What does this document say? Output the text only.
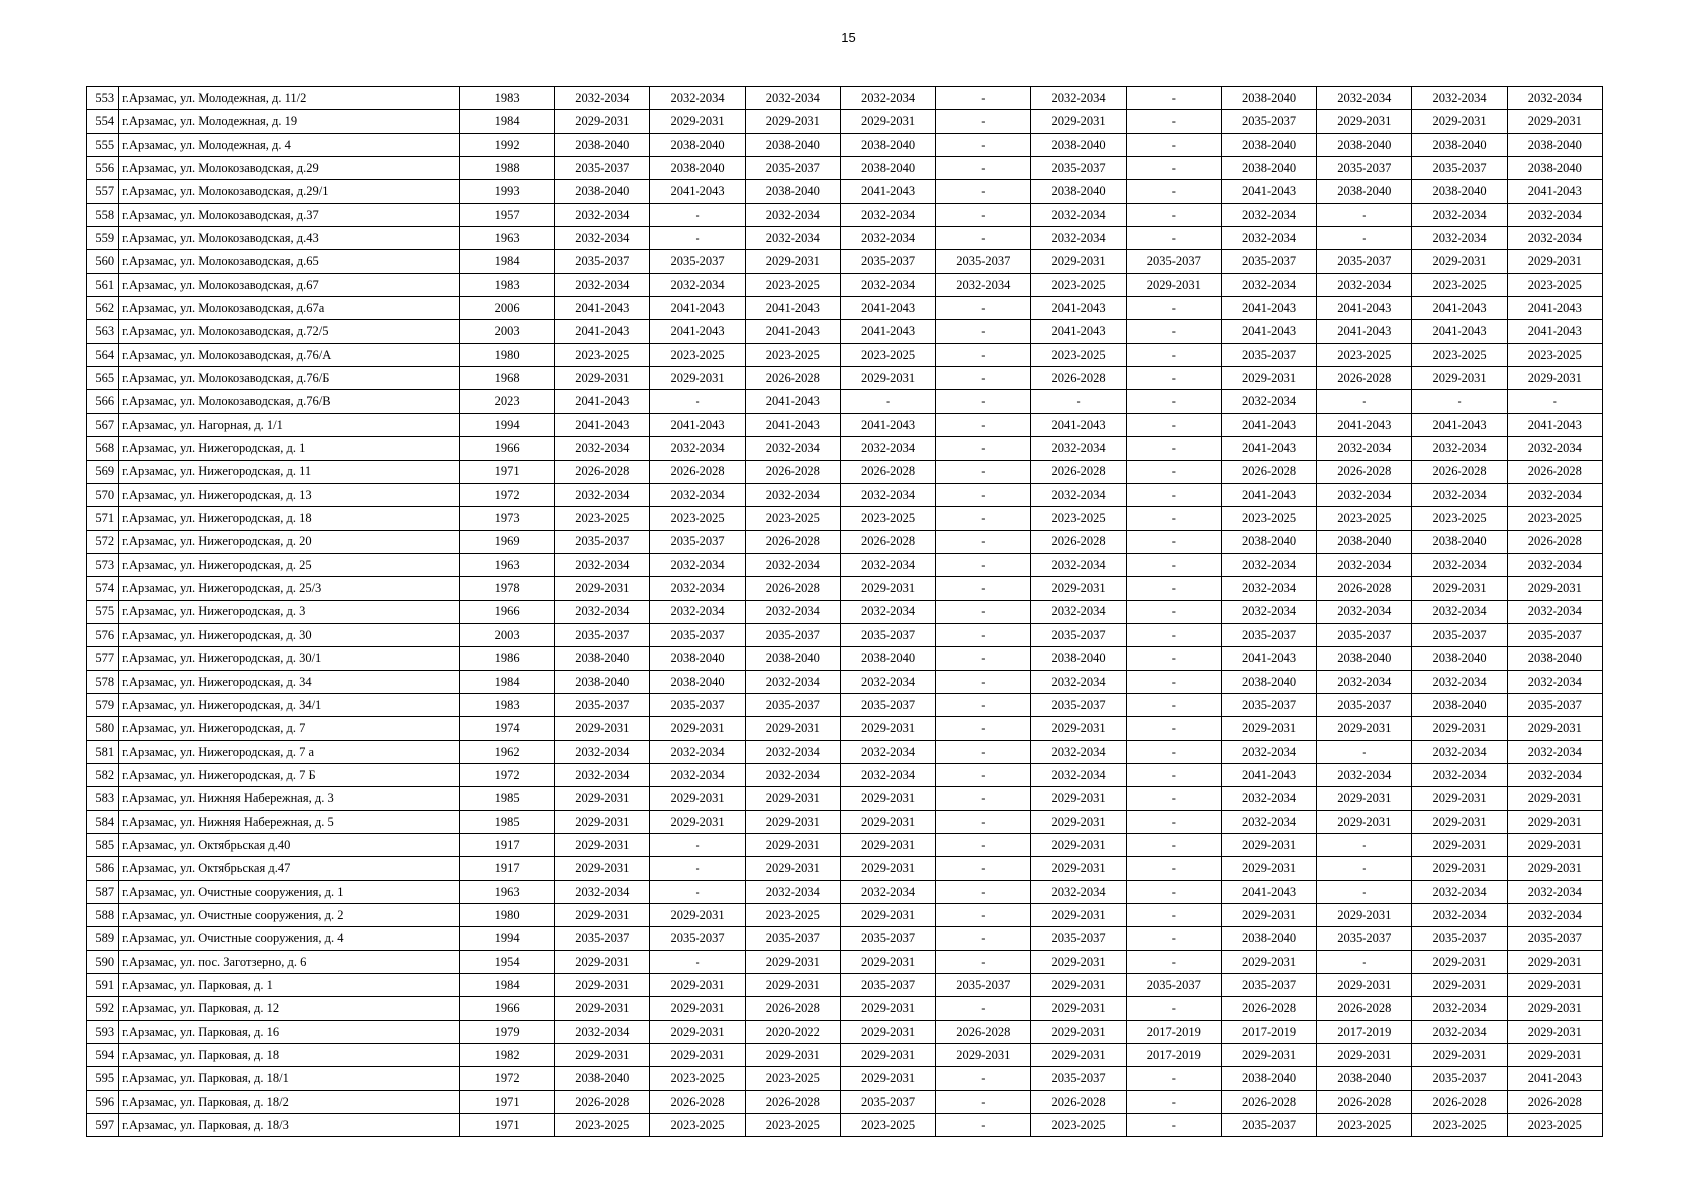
15
553	г.Арзамас, ул. Молодежная, д. 11/2	1983	2032-2034	2032-2034	2032-2034	2032-2034	-	2032-2034	-	2038-2040	2032-2034	2032-2034	2032-2034
554	г.Арзамас, ул. Молодежная, д. 19	1984	2029-2031	2029-2031	2029-2031	2029-2031	-	2029-2031	-	2035-2037	2029-2031	2029-2031	2029-2031
555	г.Арзамас, ул. Молодежная, д. 4	1992	2038-2040	2038-2040	2038-2040	2038-2040	-	2038-2040	-	2038-2040	2038-2040	2038-2040	2038-2040
556	г.Арзамас, ул. Молокозаводская, д.29	1988	2035-2037	2038-2040	2035-2037	2038-2040	-	2035-2037	-	2038-2040	2035-2037	2035-2037	2038-2040
557	г.Арзамас, ул. Молокозаводская, д.29/1	1993	2038-2040	2041-2043	2038-2040	2041-2043	-	2038-2040	-	2041-2043	2038-2040	2038-2040	2041-2043
558	г.Арзамас, ул. Молокозаводская, д.37	1957	2032-2034	-	2032-2034	2032-2034	-	2032-2034	-	2032-2034	-	2032-2034	2032-2034
559	г.Арзамас, ул. Молокозаводская, д.43	1963	2032-2034	-	2032-2034	2032-2034	-	2032-2034	-	2032-2034	-	2032-2034	2032-2034
560	г.Арзамас, ул. Молокозаводская, д.65	1984	2035-2037	2035-2037	2029-2031	2035-2037	2035-2037	2029-2031	2035-2037	2035-2037	2035-2037	2029-2031	2029-2031
561	г.Арзамас, ул. Молокозаводская, д.67	1983	2032-2034	2032-2034	2023-2025	2032-2034	2032-2034	2023-2025	2029-2031	2032-2034	2032-2034	2023-2025	2023-2025
562	г.Арзамас, ул. Молокозаводская, д.67а	2006	2041-2043	2041-2043	2041-2043	2041-2043	-	2041-2043	-	2041-2043	2041-2043	2041-2043	2041-2043
563	г.Арзамас, ул. Молокозаводская, д.72/5	2003	2041-2043	2041-2043	2041-2043	2041-2043	-	2041-2043	-	2041-2043	2041-2043	2041-2043	2041-2043
564	г.Арзамас, ул. Молокозаводская, д.76/А	1980	2023-2025	2023-2025	2023-2025	2023-2025	-	2023-2025	-	2035-2037	2023-2025	2023-2025	2023-2025
565	г.Арзамас, ул. Молокозаводская, д.76/Б	1968	2029-2031	2029-2031	2026-2028	2029-2031	-	2026-2028	-	2029-2031	2026-2028	2029-2031	2029-2031
566	г.Арзамас, ул. Молокозаводская, д.76/В	2023	2041-2043	-	2041-2043	-	-	-	-	2032-2034	-	-	-
567	г.Арзамас, ул. Нагорная, д. 1/1	1994	2041-2043	2041-2043	2041-2043	2041-2043	-	2041-2043	-	2041-2043	2041-2043	2041-2043	2041-2043
568	г.Арзамас, ул. Нижегородская, д. 1	1966	2032-2034	2032-2034	2032-2034	2032-2034	-	2032-2034	-	2041-2043	2032-2034	2032-2034	2032-2034
569	г.Арзамас, ул. Нижегородская, д. 11	1971	2026-2028	2026-2028	2026-2028	2026-2028	-	2026-2028	-	2026-2028	2026-2028	2026-2028	2026-2028
570	г.Арзамас, ул. Нижегородская, д. 13	1972	2032-2034	2032-2034	2032-2034	2032-2034	-	2032-2034	-	2041-2043	2032-2034	2032-2034	2032-2034
571	г.Арзамас, ул. Нижегородская, д. 18	1973	2023-2025	2023-2025	2023-2025	2023-2025	-	2023-2025	-	2023-2025	2023-2025	2023-2025	2023-2025
572	г.Арзамас, ул. Нижегородская, д. 20	1969	2035-2037	2035-2037	2026-2028	2026-2028	-	2026-2028	-	2038-2040	2038-2040	2038-2040	2026-2028
573	г.Арзамас, ул. Нижегородская, д. 25	1963	2032-2034	2032-2034	2032-2034	2032-2034	-	2032-2034	-	2032-2034	2032-2034	2032-2034	2032-2034
574	г.Арзамас, ул. Нижегородская, д. 25/3	1978	2029-2031	2032-2034	2026-2028	2029-2031	-	2029-2031	-	2032-2034	2026-2028	2029-2031	2029-2031
575	г.Арзамас, ул. Нижегородская, д. 3	1966	2032-2034	2032-2034	2032-2034	2032-2034	-	2032-2034	-	2032-2034	2032-2034	2032-2034	2032-2034
576	г.Арзамас, ул. Нижегородская, д. 30	2003	2035-2037	2035-2037	2035-2037	2035-2037	-	2035-2037	-	2035-2037	2035-2037	2035-2037	2035-2037
577	г.Арзамас, ул. Нижегородская, д. 30/1	1986	2038-2040	2038-2040	2038-2040	2038-2040	-	2038-2040	-	2041-2043	2038-2040	2038-2040	2038-2040
578	г.Арзамас, ул. Нижегородская, д. 34	1984	2038-2040	2038-2040	2032-2034	2032-2034	-	2032-2034	-	2038-2040	2032-2034	2032-2034	2032-2034
579	г.Арзамас, ул. Нижегородская, д. 34/1	1983	2035-2037	2035-2037	2035-2037	2035-2037	-	2035-2037	-	2035-2037	2035-2037	2038-2040	2035-2037
580	г.Арзамас, ул. Нижегородская, д. 7	1974	2029-2031	2029-2031	2029-2031	2029-2031	-	2029-2031	-	2029-2031	2029-2031	2029-2031	2029-2031
581	г.Арзамас, ул. Нижегородская, д. 7 а	1962	2032-2034	2032-2034	2032-2034	2032-2034	-	2032-2034	-	2032-2034	-	2032-2034	2032-2034
582	г.Арзамас, ул. Нижегородская, д. 7 Б	1972	2032-2034	2032-2034	2032-2034	2032-2034	-	2032-2034	-	2041-2043	2032-2034	2032-2034	2032-2034
583	г.Арзамас, ул. Нижняя Набережная, д. 3	1985	2029-2031	2029-2031	2029-2031	2029-2031	-	2029-2031	-	2032-2034	2029-2031	2029-2031	2029-2031
584	г.Арзамас, ул. Нижняя Набережная, д. 5	1985	2029-2031	2029-2031	2029-2031	2029-2031	-	2029-2031	-	2032-2034	2029-2031	2029-2031	2029-2031
585	г.Арзамас, ул. Октябрьская д.40	1917	2029-2031	-	2029-2031	2029-2031	-	2029-2031	-	2029-2031	-	2029-2031	2029-2031
586	г.Арзамас, ул. Октябрьская д.47	1917	2029-2031	-	2029-2031	2029-2031	-	2029-2031	-	2029-2031	-	2029-2031	2029-2031
587	г.Арзамас, ул. Очистные сооружения, д. 1	1963	2032-2034	-	2032-2034	2032-2034	-	2032-2034	-	2041-2043	-	2032-2034	2032-2034
588	г.Арзамас, ул. Очистные сооружения, д. 2	1980	2029-2031	2029-2031	2023-2025	2029-2031	-	2029-2031	-	2029-2031	2029-2031	2032-2034	2032-2034
589	г.Арзамас, ул. Очистные сооружения, д. 4	1994	2035-2037	2035-2037	2035-2037	2035-2037	-	2035-2037	-	2038-2040	2035-2037	2035-2037	2035-2037
590	г.Арзамас, ул. пос. Заготзерно, д. 6	1954	2029-2031	-	2029-2031	2029-2031	-	2029-2031	-	2029-2031	-	2029-2031	2029-2031
591	г.Арзамас, ул. Парковая, д. 1	1984	2029-2031	2029-2031	2029-2031	2035-2037	2035-2037	2029-2031	2035-2037	2035-2037	2029-2031	2029-2031	2029-2031
592	г.Арзамас, ул. Парковая, д. 12	1966	2029-2031	2029-2031	2026-2028	2029-2031	-	2029-2031	-	2026-2028	2026-2028	2032-2034	2029-2031
593	г.Арзамас, ул. Парковая, д. 16	1979	2032-2034	2029-2031	2020-2022	2029-2031	2026-2028	2029-2031	2017-2019	2017-2019	2017-2019	2032-2034	2029-2031
594	г.Арзамас, ул. Парковая, д. 18	1982	2029-2031	2029-2031	2029-2031	2029-2031	2029-2031	2029-2031	2017-2019	2029-2031	2029-2031	2029-2031	2029-2031
595	г.Арзамас, ул. Парковая, д. 18/1	1972	2038-2040	2023-2025	2023-2025	2029-2031	-	2035-2037	-	2038-2040	2038-2040	2035-2037	2041-2043
596	г.Арзамас, ул. Парковая, д. 18/2	1971	2026-2028	2026-2028	2026-2028	2035-2037	-	2026-2028	-	2026-2028	2026-2028	2026-2028	2026-2028
597	г.Арзамас, ул. Парковая, д. 18/3	1971	2023-2025	2023-2025	2023-2025	2023-2025	-	2023-2025	-	2035-2037	2023-2025	2023-2025	2023-2025
